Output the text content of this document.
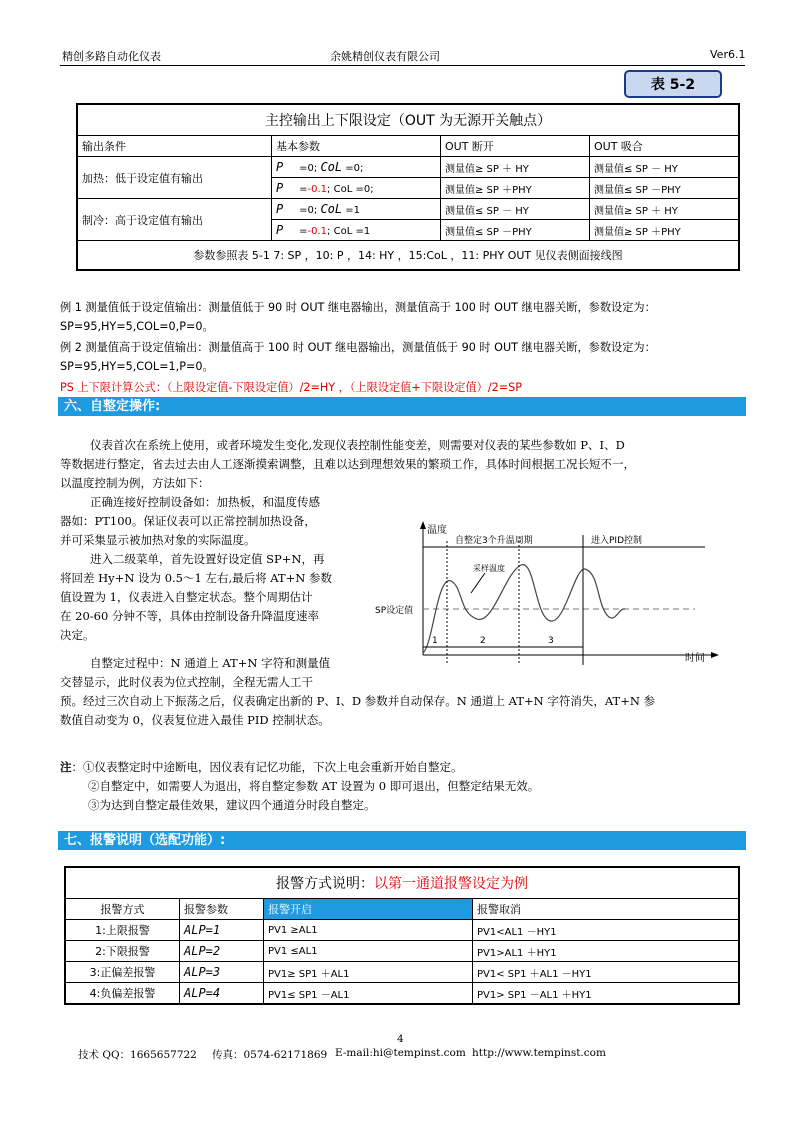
精创多路自动化仪表	余姚精创仪表有限公司	Ver6.1
表 5-2
主控输出上下限设定（OUT 为无源开关触点）			
输出条件	基本参数	OUT 断开	OUT 吸合
加热：低于设定值有输出	P =0; CoL =0;	测量值≥ SP ＋ HY	测量值≤ SP － HY
	P =-0.1; CoL =0;	测量值≥ SP ＋PHY	测量值≤ SP －PHY
制冷：高于设定值有输出	P =0; CoL =1	测量值≤ SP － HY	测量值≥ SP ＋ HY
	P =-0.1; CoL =1	测量值≤ SP －PHY	测量值≥ SP ＋PHY
参数参照表 5-1 7: SP ，10: P ，14: HY ，15:CoL ，11: PHY OUT 见仪表侧面接线图			
例 1 测量值低于设定值输出：测量值低于 90 时 OUT 继电器输出，测量值高于 100 时 OUT 继电器关断，参数设定为：
SP=95,HY=5,COL=0,P=0。
例 2 测量值高于设定值输出：测量值高于 100 时 OUT 继电器输出，测量值低于 90 时 OUT 继电器关断，参数设定为：
SP=95,HY=5,COL=1,P=0。
PS 上下限计算公式：（上限设定值-下限设定值）/2=HY ，（上限设定值+下限设定值）/2=SP
六、自整定操作:
仪表首次在系统上使用，或者环境发生变化,发现仪表控制性能变差，则需要对仪表的某些参数如 P、I、D
等数据进行整定，省去过去由人工逐渐摸索调整，且难以达到理想效果的繁琐工作，具体时间根据工况长短不一，
以温度控制为例，方法如下：
正确连接好控制设备如：加热板，和温度传感
器如：PT100。保证仪表可以正常控制加热设备，
并可采集显示被加热对象的实际温度。
进入二级菜单，首先设置好设定值 SP+N，再
将回差 Hy+N 设为 0.5～1 左右,最后将 AT+N 参数
值设置为 1，仪表进入自整定状态。整个周期估计
在 20-60 分钟不等，具体由控制设备升降温度速率
决定。
自整定过程中：N 通道上 AT+N 字符和测量值
交替显示，此时仪表为位式控制，全程无需人工干
预。经过三次自动上下振荡之后，仪表确定出新的 P、I、D 参数并自动保存。N 通道上 AT+N 字符消失，AT+N 参
数值自动变为 0，仪表复位进入最佳 PID 控制状态。
温度
时间
SP设定值
自整定3个升温周期	进入PID控制
采样温度
1	2	3
注：①仪表整定时中途断电，因仪表有记忆功能，下次上电会重新开始自整定。
②自整定中，如需要人为退出，将自整定参数 AT 设置为 0 即可退出，但整定结果无效。
③为达到自整定最佳效果，建议四个通道分时段自整定。
七、报警说明（选配功能）:
报警方式说明：以第一通道报警设定为例			
报警方式	报警参数	报警开启	报警取消
1:上限报警	ALP=1	PV1 ≥AL1	PV1<AL1 －HY1
2:下限报警	ALP=2	PV1 ≤AL1	PV1>AL1 ＋HY1
3:正偏差报警	ALP=3	PV1≥ SP1 ＋AL1	PV1< SP1 ＋AL1 －HY1
4:负偏差报警	ALP=4	PV1≤ SP1 －AL1	PV1> SP1 －AL1 ＋HY1
4
技术 QQ：1665657722 传真：0574-62171869 E-mail:hi@tempinst.com http://www.tempinst.com
